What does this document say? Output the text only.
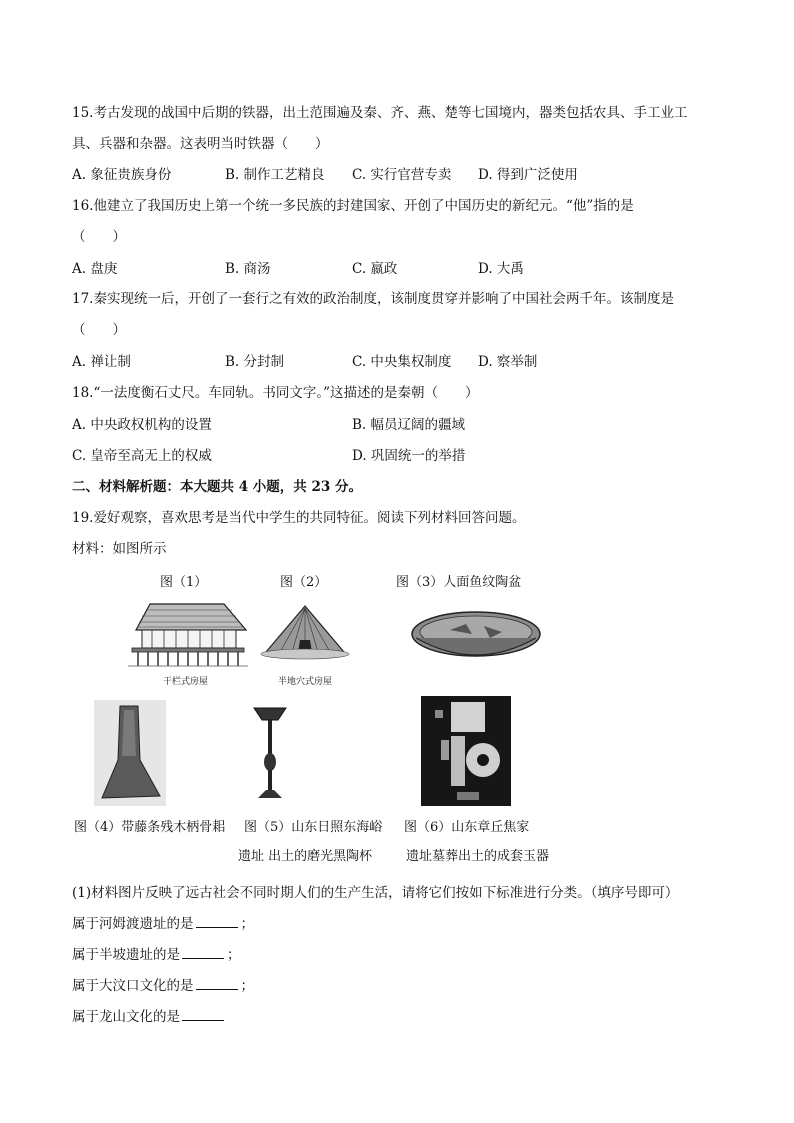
15.考古发现的战国中后期的铁器，出土范围遍及秦、齐、燕、楚等七国境内，器类包括农具、手工业工
具、兵器和杂器。这表明当时铁器（　　）
A. 象征贵族身份	B. 制作工艺精良 C. 实行官营专卖 D. 得到广泛使用
16.他建立了我国历史上第一个统一多民族的封建国家、开创了中国历史的新纪元。“他”指的是
（　　）
A. 盘庚	B. 商汤	C. 嬴政	D. 大禹
17.秦实现统一后，开创了一套行之有效的政治制度，该制度贯穿并影响了中国社会两千年。该制度是
（　　）
A. 禅让制	B. 分封制	C. 中央集权制度 D. 察举制
18.“一法度衡石丈尺。车同轨。书同文字。”这描述的是秦朝（　　）
A. 中央政权机构的设置	B. 幅员辽阔的疆域
C. 皇帝至高无上的权威	D. 巩固统一的举措
二、材料解析题：本大题共 4 小题，共 23 分。
19.爱好观察，喜欢思考是当代中学生的共同特征。阅读下列材料回答问题。
材料：如图所示
图（1）	图（2）	图（3）人面鱼纹陶盆
干栏式房屋	半地穴式房屋
图（4）带藤条残木柄骨耜 图（5）山东日照东海峪 图（6）山东章丘焦家
遗址 出土的磨光黑陶杯	遗址墓葬出土的成套玉器
(1)材料图片反映了远古社会不同时期人们的生产生活，请将它们按如下标准进行分类。（填序号即可）
属于河姆渡遗址的是	；
属于半坡遗址的是	；
属于大汶口文化的是	；
属于龙山文化的是
